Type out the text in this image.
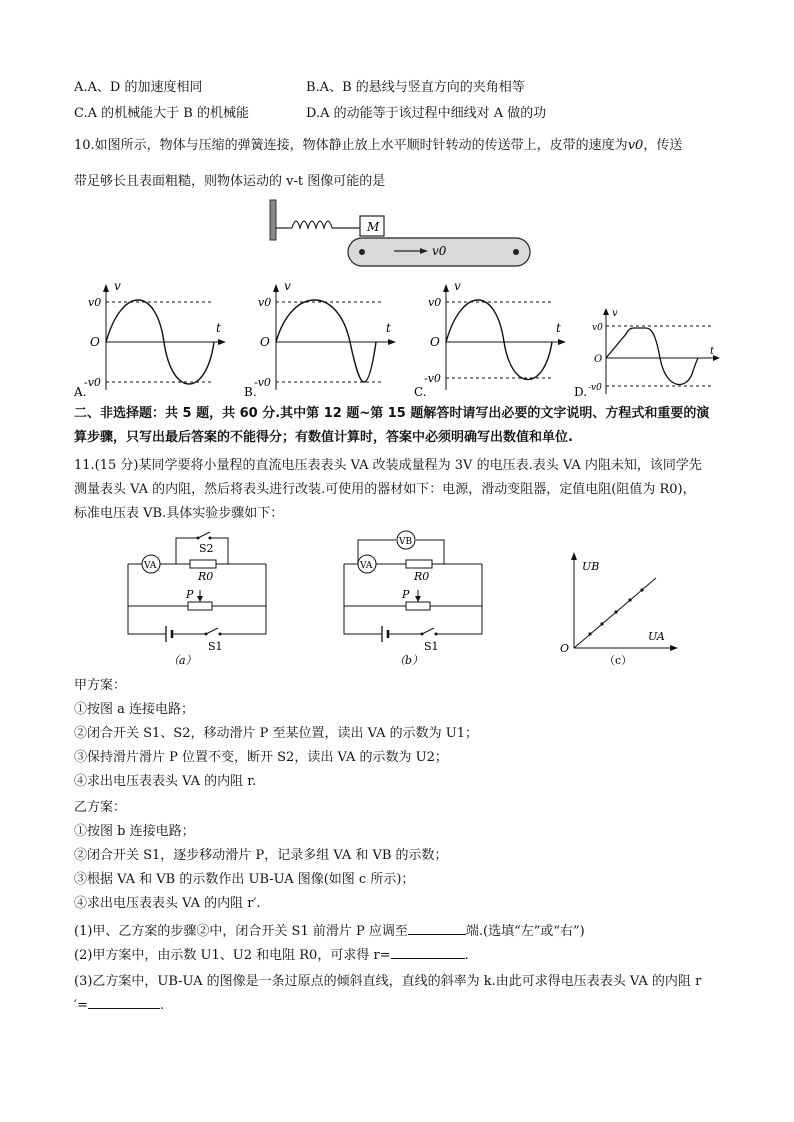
A.A、D 的加速度相同	B.A、B 的悬线与竖直方向的夹角相等
C.A 的机械能大于 B 的机械能	D.A 的动能等于该过程中细线对 A 做的功
10.如图所示，物体与压缩的弹簧连接，物体静止放上水平顺时针转动的传送带上，皮带的速度为v0，传送
带足够长且表面粗糙，则物体运动的 v-t 图像可能的是
M
v0
v
t
O
v0
-v0
A.
v
t
O
v0
-v0
B.
v
t
O
v0
-v0
C.
v
t
O
v0
-v0
D.
二、非选择题：共 5 题，共 60 分.其中第 12 题~第 15 题解答时请写出必要的文字说明、方程式和重要的演
算步骤，只写出最后答案的不能得分；有数值计算时，答案中必须明确写出数值和单位.
11.(15 分)某同学要将小量程的直流电压表表头 VA 改装成量程为 3V 的电压表.表头 VA 内阻未知，该同学先
测量表头 VA 的内阻，然后将表头进行改装.可使用的器材如下：电源，滑动变阻器，定值电阻(阻值为 R0)，
标准电压表 VB.具体实验步骤如下：
S2
VA
R0
P
S1
（a）
VB
VA
R0
P
S1
（b）
UB
UA
O
（c）
甲方案：
①按图 a 连接电路；
②闭合开关 S1、S2，移动滑片 P 至某位置，读出 VA 的示数为 U1；
③保持滑片滑片 P 位置不变，断开 S2，读出 VA 的示数为 U2；
④求出电压表表头 VA 的内阻 r.
乙方案：
①按图 b 连接电路；
②闭合开关 S1，逐步移动滑片 P，记录多组 VA 和 VB 的示数；
③根据 VA 和 VB 的示数作出 UB-UA 图像(如图 c 所示)；
④求出电压表表头 VA 的内阻 r′.
(1)甲、乙方案的步骤②中，闭合开关 S1 前滑片 P 应调至	端.(选填“左”或“右”)
(2)甲方案中，由示数 U1、U2 和电阻 R0，可求得 r=	.
(3)乙方案中，UB-UA 的图像是一条过原点的倾斜直线，直线的斜率为 k.由此可求得电压表表头 VA 的内阻 r
′=	.
